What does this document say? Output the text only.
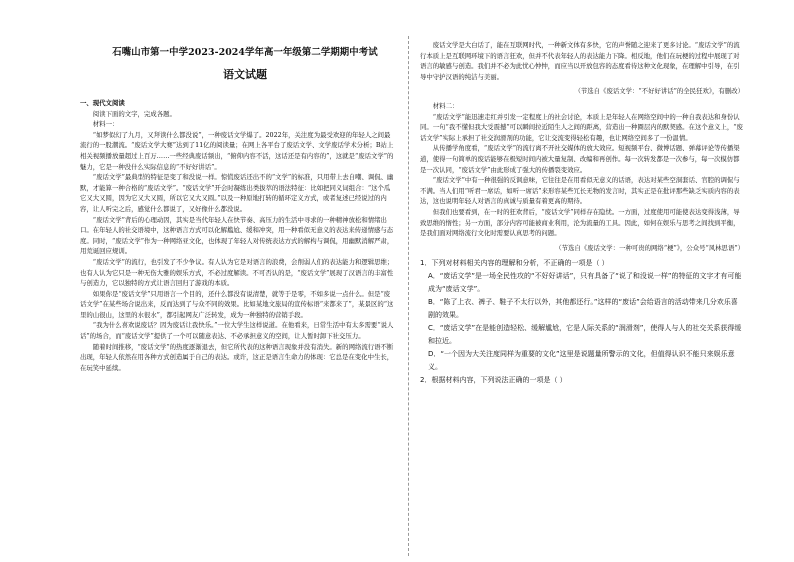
石嘴山市第一中学2023-2024学年高一年级第二学期期中考试
语文试题

一、现代文阅读

阅读下面的文字，完成各题。

材料一：

“如梦似幻了九月，又拜读什么都没说”，一种废话文学爆了。2022年，关注度为最受欢迎的年轻人之间最流行的一股潮流。“废话文学大赛”达到了11亿的阅读量；在网上各平台了废话文学、文学废话学术分析；B站上相关视频播放量超过上百万……一些经典废话频出，“俯仰内容不活，这话还是有内容的”，这就是“废话文学”的魅力，它是一种没什么实际信息的“不好好讲话”。

“废话文学”最典型的特征是变了和没说一样。惊慌废话还出不的“文学”的标准，只用带上去自嘲、调侃、幽默，才能算一种合格的“废话文学”。“废话文学”开会时凝练出类拔萃的语法特征：比如把同义词组合：“这个瓜它又大又圆，因为它又大又圆，所以它又大又圆。”以及一种原地打转的循环定义方式，或者复述已经说过的内容，让人听完之后，感觉什么都说了，又好像什么都没说。

“废话文学”背后的心理动因，其实是当代年轻人在快节奏、高压力的生活中寻求的一种精神放松和情绪出口。在年轻人的社交语境中，这种语言方式可以化解尴尬、缓和冲突，用一种看似无意义的表达来传递情感与态度。同时，“废话文学”作为一种网络亚文化，也体现了年轻人对传统表达方式的解构与调侃，用幽默消解严肃，用荒诞回应规训。

“废话文学”的流行，也引发了不少争议。有人认为它是对语言的浪费，会削弱人们的表达能力和逻辑思维；也有人认为它只是一种无伤大雅的娱乐方式，不必过度解读。不可否认的是，“废话文学”展现了汉语言的丰富性与创造力，它以独特的方式让语言回归了游戏的本质。

如果你是“废话文学”只用语言一个目的，还什么都没有说清楚，就等于是零，不如多说一点什么。但是“废话文学”在某些场合说出来，反而达到了与众不同的效果。比如某地文旅局的宣传标语“来都来了”，某景区的“这里的山很山，这里的水很水”，都引起网友广泛转发，成为一种独特的营销手段。

“我为什么喜欢说废话？因为废话让我快乐。”一位大学生这样说道。在他看来，日常生活中有太多需要“说人话”的场合，而“废话文学”提供了一个可以随意表达、不必承担意义的空间，让人暂时卸下社交压力。

随着时间推移，“废话文学”的热度逐渐退去，但它所代表的这种语言现象并没有消失。新的网络流行语不断出现，年轻人依然在用各种方式创造属于自己的表达。或许，这正是语言生命力的体现：它总是在变化中生长，在玩笑中延续。

废话文学是大白话了，能在互联网时代，一种新文体有多快，它的声誉随之迎来了更多讨论。“废话文学”的流行本质上是互联网环境下的语言狂欢，但并不代表年轻人的表达能力下降。相反地，他们在玩梗的过程中展现了对语言的敏感与创造。我们并不必为此忧心忡忡，而应当以开放包容的态度看待这种文化现象，在理解中引导，在引导中守护汉语的纯洁与美丽。

（节选自《废话文学：“不好好讲话”的全民狂欢》，有删改）

材料二：

“废话文学”能迅速走红并引发一定程度上的社会讨论，本质上是年轻人在网络空间中的一种自我表达和身份认同。一句“我不懂但我大受震撼”可以瞬间拉近陌生人之间的距离，营造出一种圈层内的默契感。在这个意义上，“废话文学”实际上承担了社交润滑剂的功能，它让交流变得轻松有趣，也让网络空间多了一份温情。

从传播学角度看，“废话文学”的流行离不开社交媒体的放大效应。短视频平台、微博话题、弹幕评论等传播渠道，使得一句简单的废话能够在极短时间内被大量复制、改编和再创作。每一次转发都是一次参与，每一次模仿都是一次认同，“废话文学”由此形成了强大的传播裂变效应。

“废话文学”中有一种很强的反讽意味，它往往是在用看似无意义的话语，表达对某些空洞套话、官腔的调侃与不满。当人们用“听君一席话，如听一席话”来形容某些冗长无物的发言时，其实正是在批评那些缺乏实质内容的表达，这也说明年轻人对语言的真诚与质量有着更高的期待。

但我们也要看到，在一时的狂欢背后，“废话文学”同样存在隐忧。一方面，过度使用可能使表达变得浅薄，导致思维的惰性；另一方面，部分内容可能被商业利用，沦为流量的工具。因此，如何在娱乐与思考之间找到平衡，是我们面对网络流行文化时需要认真思考的问题。

（节选自《废话文学：一种可贵的网络“梗”》，公众号“风林思语”）

1．下列对材料相关内容的理解和分析，不正确的一项是（ ）

A．“废话文学”是一场全民性攻的“不好好讲话”，只有具备了“说了和没说一样”的特征的文字才有可能成为“废话文学”。

B．“陈了上衣、裤子、鞋子不太行以外，其他都还行。”这样的“废话”会给语言的活动带来几分欢乐喜剧的效果。

C．“废话文学”在是能创造轻松、缓解尴尬，它是人际关系的“润滑剂”，使得人与人的社交关系获得缓和拉近。

D．“一个因为大关注度同样为重要的文化”这里是说题量所警示的文化，但值得认识不能只来娱乐意义。

2．根据材料内容，下列说法正确的一项是（ ）
